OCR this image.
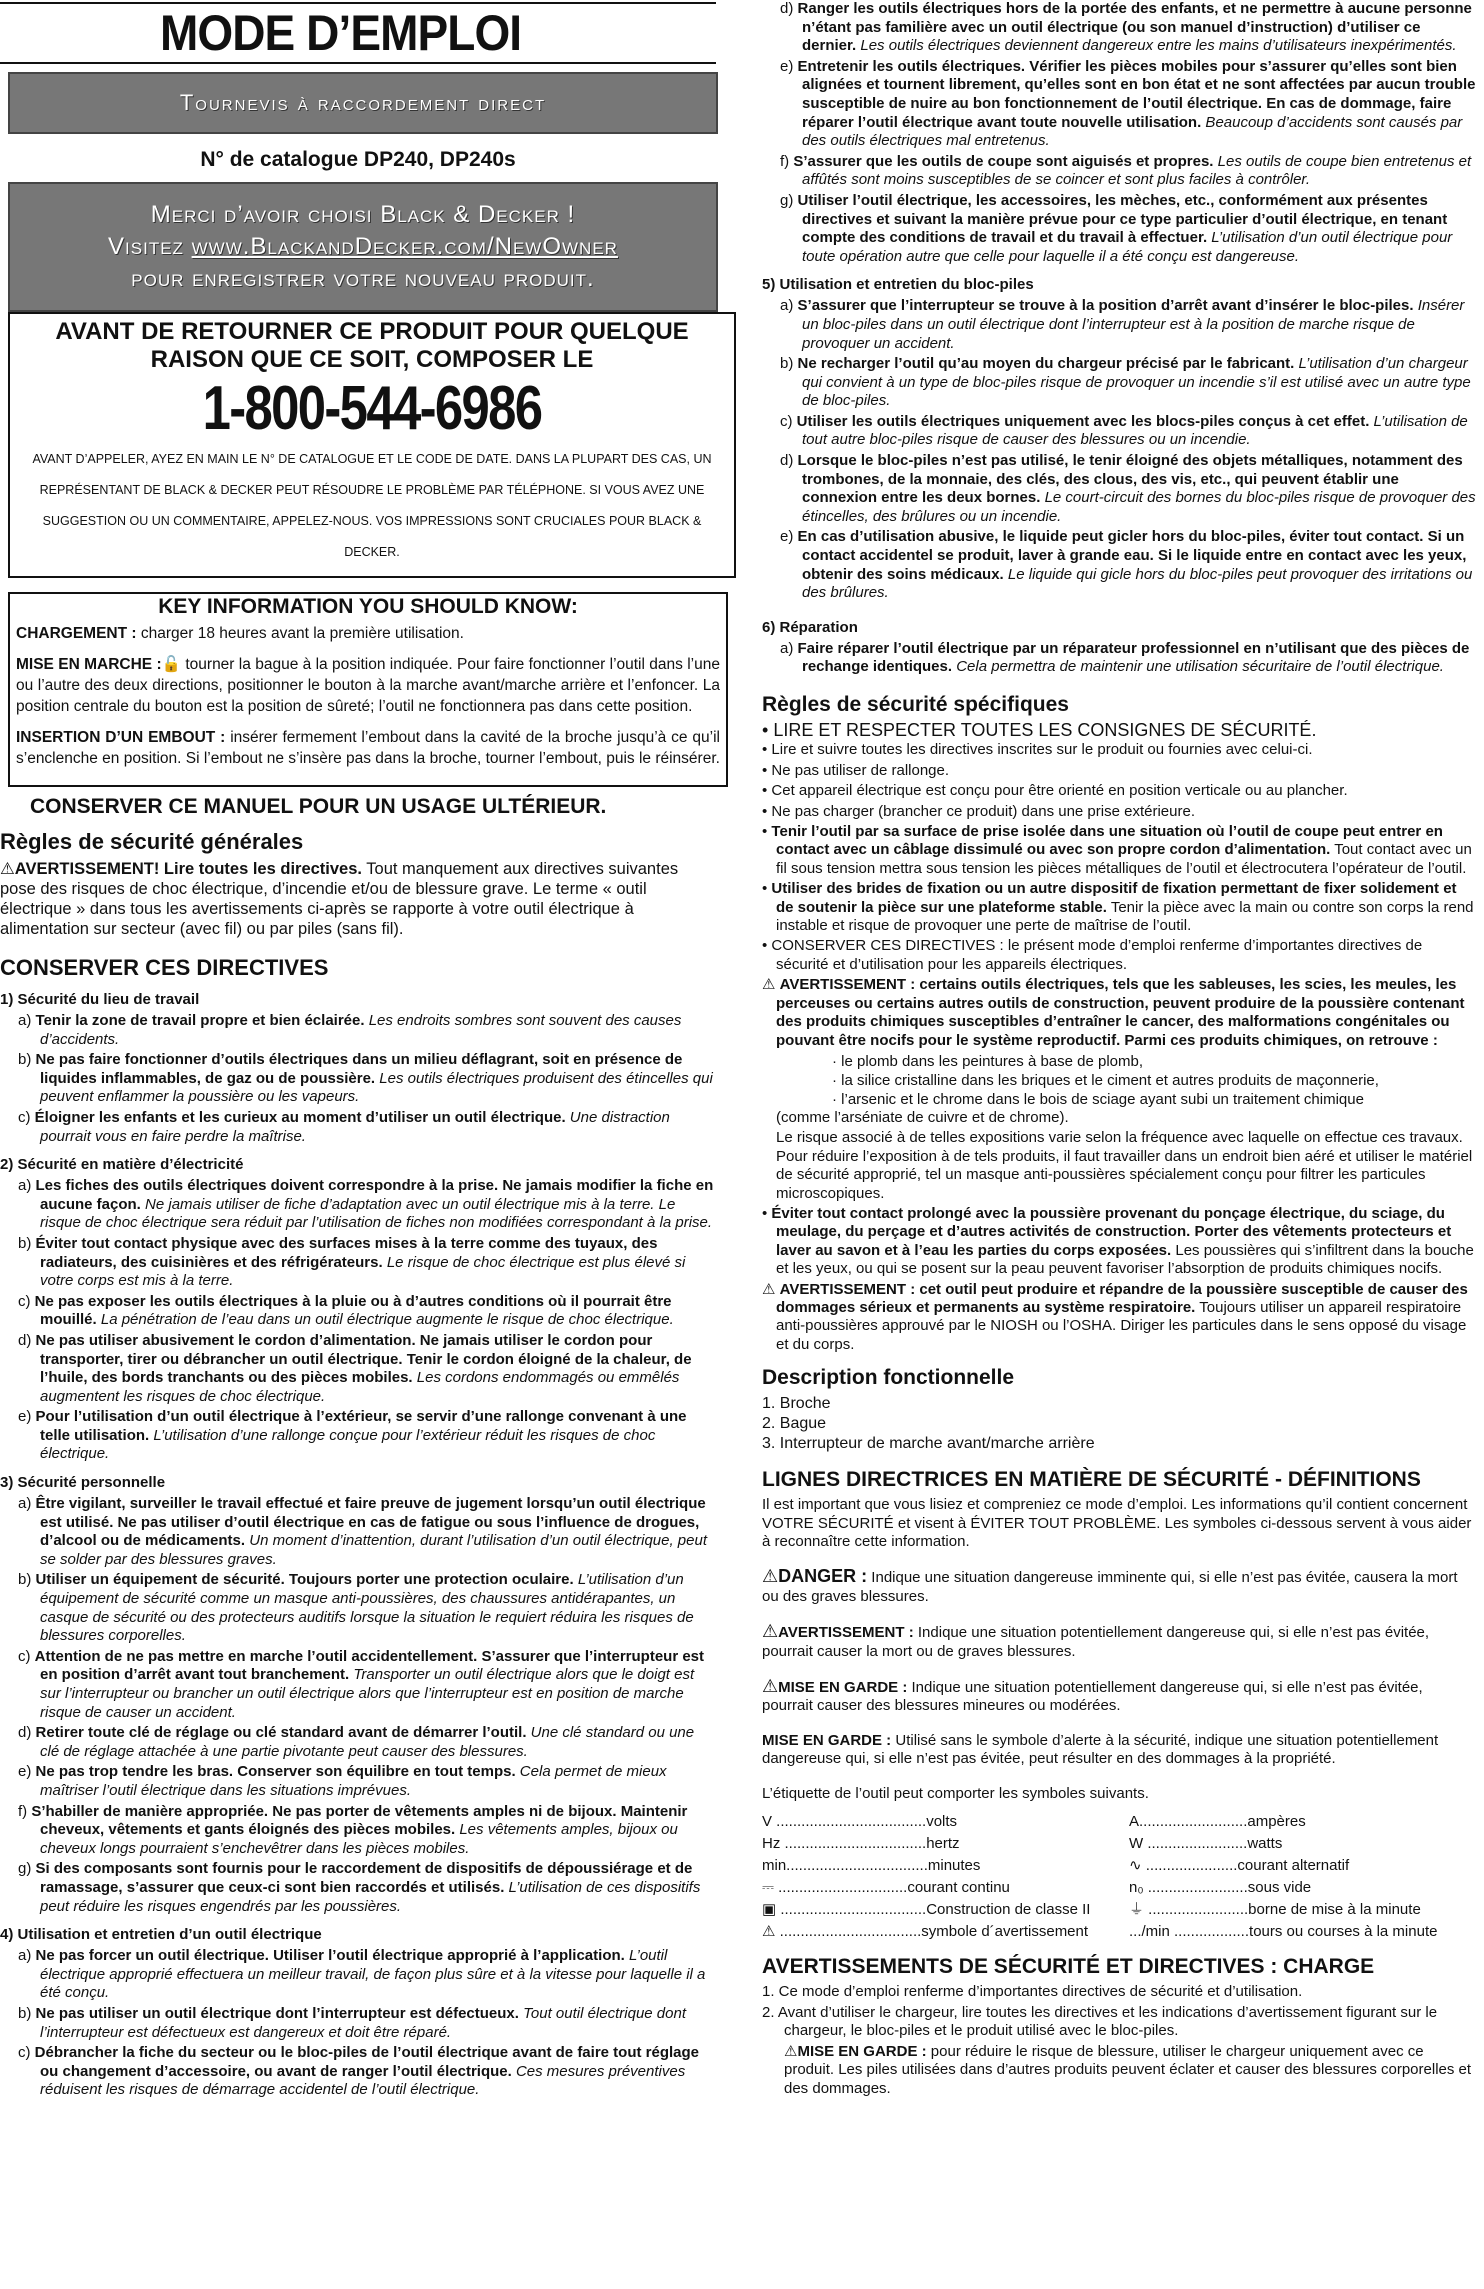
MODE D’EMPLOI
Tournevis à raccordement direct
N° de catalogue DP240, DP240s
Merci d’avoir choisi Black & Decker !
Visitez www.BlackandDecker.com/NewOwner
pour enregistrer votre nouveau produit.
AVANT DE RETOURNER CE PRODUIT POUR QUELQUE RAISON QUE CE SOIT, COMPOSER LE
1-800-544-6986
AVANT D’APPELER, AYEZ EN MAIN LE N° DE CATALOGUE ET LE CODE DE DATE. DANS LA PLUPART DES CAS, UN REPRÉSENTANT DE BLACK & DECKER PEUT RÉSOUDRE LE PROBLÈME PAR TÉLÉPHONE. SI VOUS AVEZ UNE SUGGESTION OU UN COMMENTAIRE, APPELEZ-NOUS. VOS IMPRESSIONS SONT CRUCIALES POUR BLACK & DECKER.
KEY INFORMATION YOU SHOULD KNOW:

CHARGEMENT : charger 18 heures avant la première utilisation.

MISE EN MARCHE :🔓 tourner la bague à la position indiquée. Pour faire fonctionner l’outil dans l’une ou l’autre des deux directions, positionner le bouton à la marche avant/marche arrière et l’enfoncer. La position centrale du bouton est la position de sûreté; l’outil ne fonctionnera pas dans cette position.

INSERTION D’UN EMBOUT : insérer fermement l’embout dans la cavité de la broche jusqu’à ce qu’il s’enclenche en position. Si l’embout ne s’insère pas dans la broche, tourner l’embout, puis le réinsérer.

CONSERVER CE MANUEL POUR UN USAGE ULTÉRIEUR.
Règles de sécurité générales

⚠AVERTISSEMENT! Lire toutes les directives. Tout manquement aux directives suivantes pose des risques de choc électrique, d’incendie et/ou de blessure grave. Le terme « outil électrique » dans tous les avertissements ci-après se rapporte à votre outil électrique à alimentation sur secteur (avec fil) ou par piles (sans fil).

CONSERVER CES DIRECTIVES
1) Sécurité du lieu de travail

a) Tenir la zone de travail propre et bien éclairée. Les endroits sombres sont souvent des causes d’accidents.

b) Ne pas faire fonctionner d’outils électriques dans un milieu déflagrant, soit en présence de liquides inflammables, de gaz ou de poussière. Les outils électriques produisent des étincelles qui peuvent enflammer la poussière ou les vapeurs.

c) Éloigner les enfants et les curieux au moment d’utiliser un outil électrique. Une distraction pourrait vous en faire perdre la maîtrise.

2) Sécurité en matière d’électricité

a) Les fiches des outils électriques doivent correspondre à la prise. Ne jamais modifier la fiche en aucune façon. Ne jamais utiliser de fiche d’adaptation avec un outil électrique mis à la terre. Le risque de choc électrique sera réduit par l’utilisation de fiches non modifiées correspondant à la prise.

b) Éviter tout contact physique avec des surfaces mises à la terre comme des tuyaux, des radiateurs, des cuisinières et des réfrigérateurs. Le risque de choc électrique est plus élevé si votre corps est mis à la terre.

c) Ne pas exposer les outils électriques à la pluie ou à d’autres conditions où il pourrait être mouillé. La pénétration de l’eau dans un outil électrique augmente le risque de choc électrique.

d) Ne pas utiliser abusivement le cordon d’alimentation. Ne jamais utiliser le cordon pour transporter, tirer ou débrancher un outil électrique. Tenir le cordon éloigné de la chaleur, de l’huile, des bords tranchants ou des pièces mobiles. Les cordons endommagés ou emmêlés augmentent les risques de choc électrique.

e) Pour l’utilisation d’un outil électrique à l’extérieur, se servir d’une rallonge convenant à une telle utilisation. L’utilisation d’une rallonge conçue pour l’extérieur réduit les risques de choc électrique.

3) Sécurité personnelle

a) Être vigilant, surveiller le travail effectué et faire preuve de jugement lorsqu’un outil électrique est utilisé. Ne pas utiliser d’outil électrique en cas de fatigue ou sous l’influence de drogues, d’alcool ou de médicaments. Un moment d’inattention, durant l’utilisation d’un outil électrique, peut se solder par des blessures graves.

b) Utiliser un équipement de sécurité. Toujours porter une protection oculaire. L’utilisation d’un équipement de sécurité comme un masque anti-poussières, des chaussures antidérapantes, un casque de sécurité ou des protecteurs auditifs lorsque la situation le requiert réduira les risques de blessures corporelles.

c) Attention de ne pas mettre en marche l’outil accidentellement. S’assurer que l’interrupteur est en position d’arrêt avant tout branchement. Transporter un outil électrique alors que le doigt est sur l’interrupteur ou brancher un outil électrique alors que l’interrupteur est en position de marche risque de causer un accident.

d) Retirer toute clé de réglage ou clé standard avant de démarrer l’outil. Une clé standard ou une clé de réglage attachée à une partie pivotante peut causer des blessures.

e) Ne pas trop tendre les bras. Conserver son équilibre en tout temps. Cela permet de mieux maîtriser l’outil électrique dans les situations imprévues.

f) S’habiller de manière appropriée. Ne pas porter de vêtements amples ni de bijoux. Maintenir cheveux, vêtements et gants éloignés des pièces mobiles. Les vêtements amples, bijoux ou cheveux longs pourraient s’enchevêtrer dans les pièces mobiles.

g) Si des composants sont fournis pour le raccordement de dispositifs de dépoussiérage et de ramassage, s’assurer que ceux-ci sont bien raccordés et utilisés. L’utilisation de ces dispositifs peut réduire les risques engendrés par les poussières.

4) Utilisation et entretien d’un outil électrique

a) Ne pas forcer un outil électrique. Utiliser l’outil électrique approprié à l’application. L’outil électrique approprié effectuera un meilleur travail, de façon plus sûre et à la vitesse pour laquelle il a été conçu.

b) Ne pas utiliser un outil électrique dont l’interrupteur est défectueux. Tout outil électrique dont l’interrupteur est défectueux est dangereux et doit être réparé.

c) Débrancher la fiche du secteur ou le bloc-piles de l’outil électrique avant de faire tout réglage ou changement d’accessoire, ou avant de ranger l’outil électrique. Ces mesures préventives réduisent les risques de démarrage accidentel de l’outil électrique.

d) Ranger les outils électriques hors de la portée des enfants, et ne permettre à aucune personne n’étant pas familière avec un outil électrique (ou son manuel d’instruction) d’utiliser ce dernier. Les outils électriques deviennent dangereux entre les mains d’utilisateurs inexpérimentés.

e) Entretenir les outils électriques. Vérifier les pièces mobiles pour s’assurer qu’elles sont bien alignées et tournent librement, qu’elles sont en bon état et ne sont affectées par aucun trouble susceptible de nuire au bon fonctionnement de l’outil électrique. En cas de dommage, faire réparer l’outil électrique avant toute nouvelle utilisation. Beaucoup d’accidents sont causés par des outils électriques mal entretenus.

f) S’assurer que les outils de coupe sont aiguisés et propres. Les outils de coupe bien entretenus et affûtés sont moins susceptibles de se coincer et sont plus faciles à contrôler.

g) Utiliser l’outil électrique, les accessoires, les mèches, etc., conformément aux présentes directives et suivant la manière prévue pour ce type particulier d’outil électrique, en tenant compte des conditions de travail et du travail à effectuer. L’utilisation d’un outil électrique pour toute opération autre que celle pour laquelle il a été conçu est dangereuse.

5) Utilisation et entretien du bloc-piles

a) S’assurer que l’interrupteur se trouve à la position d’arrêt avant d’insérer le bloc-piles. Insérer un bloc-piles dans un outil électrique dont l’interrupteur est à la position de marche risque de provoquer un accident.

b) Ne recharger l’outil qu’au moyen du chargeur précisé par le fabricant. L’utilisation d’un chargeur qui convient à un type de bloc-piles risque de provoquer un incendie s’il est utilisé avec un autre type de bloc-piles.

c) Utiliser les outils électriques uniquement avec les blocs-piles conçus à cet effet. L’utilisation de tout autre bloc-piles risque de causer des blessures ou un incendie.

d) Lorsque le bloc-piles n’est pas utilisé, le tenir éloigné des objets métalliques, notamment des trombones, de la monnaie, des clés, des clous, des vis, etc., qui peuvent établir une connexion entre les deux bornes. Le court-circuit des bornes du bloc-piles risque de provoquer des étincelles, des brûlures ou un incendie.

e) En cas d’utilisation abusive, le liquide peut gicler hors du bloc-piles, éviter tout contact. Si un contact accidentel se produit, laver à grande eau. Si le liquide entre en contact avec les yeux, obtenir des soins médicaux. Le liquide qui gicle hors du bloc-piles peut provoquer des irritations ou des brûlures.

6) Réparation

a) Faire réparer l’outil électrique par un réparateur professionnel en n’utilisant que des pièces de rechange identiques. Cela permettra de maintenir une utilisation sécuritaire de l’outil électrique.

Règles de sécurité spécifiques

• LIRE ET RESPECTER TOUTES LES CONSIGNES DE SÉCURITÉ.

• Lire et suivre toutes les directives inscrites sur le produit ou fournies avec celui-ci.

• Ne pas utiliser de rallonge.

• Cet appareil électrique est conçu pour être orienté en position verticale ou au plancher.

• Ne pas charger (brancher ce produit) dans une prise extérieure.

• Tenir l’outil par sa surface de prise isolée dans une situation où l’outil de coupe peut entrer en contact avec un câblage dissimulé ou avec son propre cordon d’alimentation. Tout contact avec un fil sous tension mettra sous tension les pièces métalliques de l’outil et électrocutera l’opérateur de l’outil.

• Utiliser des brides de fixation ou un autre dispositif de fixation permettant de fixer solidement et de soutenir la pièce sur une plateforme stable. Tenir la pièce avec la main ou contre son corps la rend instable et risque de provoquer une perte de maîtrise de l’outil.

• CONSERVER CES DIRECTIVES : le présent mode d’emploi renferme d’importantes directives de sécurité et d’utilisation pour les appareils électriques.

⚠ AVERTISSEMENT : certains outils électriques, tels que les sableuses, les scies, les meules, les perceuses ou certains autres outils de construction, peuvent produire de la poussière contenant des produits chimiques susceptibles d’entraîner le cancer, des malformations congénitales ou pouvant être nocifs pour le système reproductif. Parmi ces produits chimiques, on retrouve :

· le plomb dans les peintures à base de plomb,

· la silice cristalline dans les briques et le ciment et autres produits de maçonnerie,

· l’arsenic et le chrome dans le bois de sciage ayant subi un traitement chimique

(comme l’arséniate de cuivre et de chrome).

Le risque associé à de telles expositions varie selon la fréquence avec laquelle on effectue ces travaux. Pour réduire l’exposition à de tels produits, il faut travailler dans un endroit bien aéré et utiliser le matériel de sécurité approprié, tel un masque anti-poussières spécialement conçu pour filtrer les particules microscopiques.

• Éviter tout contact prolongé avec la poussière provenant du ponçage électrique, du sciage, du meulage, du perçage et d’autres activités de construction. Porter des vêtements protecteurs et laver au savon et à l’eau les parties du corps exposées. Les poussières qui s’infiltrent dans la bouche et les yeux, ou qui se posent sur la peau peuvent favoriser l’absorption de produits chimiques nocifs.

⚠ AVERTISSEMENT : cet outil peut produire et répandre de la poussière susceptible de causer des dommages sérieux et permanents au système respiratoire. Toujours utiliser un appareil respiratoire anti-poussières approuvé par le NIOSH ou l’OSHA. Diriger les particules dans le sens opposé du visage et du corps.

Description fonctionnelle

1. Broche

2. Bague

3. Interrupteur de marche avant/marche arrière

LIGNES DIRECTRICES EN MATIÈRE DE SÉCURITÉ - DÉFINITIONS

Il est important que vous lisiez et compreniez ce mode d’emploi. Les informations qu’il contient concernent VOTRE SÉCURITÉ et visent à ÉVITER TOUT PROBLÈME. Les symboles ci-dessous servent à vous aider à reconnaître cette information.

⚠DANGER : Indique une situation dangereuse imminente qui, si elle n’est pas évitée, causera la mort ou des graves blessures.

⚠AVERTISSEMENT : Indique une situation potentiellement dangereuse qui, si elle n’est pas évitée, pourrait causer la mort ou de graves blessures.

⚠MISE EN GARDE : Indique une situation potentiellement dangereuse qui, si elle n’est pas évitée, pourrait causer des blessures mineures ou modérées.

MISE EN GARDE : Utilisé sans le symbole d’alerte à la sécurité, indique une situation potentiellement dangereuse qui, si elle n’est pas évitée, peut résulter en des dommages à la propriété.

L’étiquette de l’outil peut comporter les symboles suivants.

V ....................................volts	A..........................ampères
Hz ..................................hertz	W ........................watts
min..................................minutes	∿ ......................courant alternatif
⎓ ...............................courant continu	n₀ ........................sous vide
▣ ...................................Construction de classe II	⏚ ........................borne de mise à la minute
⚠ ..................................symbole d´avertissement	.../min ..................tours ou courses à la minute
AVERTISSEMENTS DE SÉCURITÉ ET DIRECTIVES : CHARGE

1. Ce mode d’emploi renferme d’importantes directives de sécurité et d’utilisation.

2. Avant d’utiliser le chargeur, lire toutes les directives et les indications d’avertissement figurant sur le chargeur, le bloc-piles et le produit utilisé avec le bloc-piles.

⚠MISE EN GARDE : pour réduire le risque de blessure, utiliser le chargeur uniquement avec ce produit. Les piles utilisées dans d’autres produits peuvent éclater et causer des blessures corporelles et des dommages.
